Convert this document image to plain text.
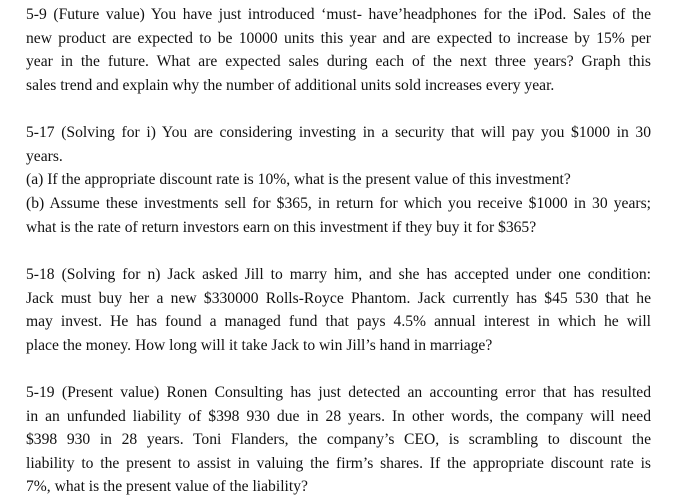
5-9 (Future value) You have just introduced ‘must- have’headphones for the iPod. Sales of the
new product are expected to be 10000 units this year and are expected to increase by 15% per
year in the future. What are expected sales during each of the next three years? Graph this
sales trend and explain why the number of additional units sold increases every year.
5-17 (Solving for i) You are considering investing in a security that will pay you $1000 in 30
years.
(a) If the appropriate discount rate is 10%, what is the present value of this investment?
(b) Assume these investments sell for $365, in return for which you receive $1000 in 30 years;
what is the rate of return investors earn on this investment if they buy it for $365?
5-18 (Solving for n) Jack asked Jill to marry him, and she has accepted under one condition:
Jack must buy her a new $330000 Rolls-Royce Phantom. Jack currently has $45 530 that he
may invest. He has found a managed fund that pays 4.5% annual interest in which he will
place the money. How long will it take Jack to win Jill’s hand in marriage?
5-19 (Present value) Ronen Consulting has just detected an accounting error that has resulted
in an unfunded liability of $398 930 due in 28 years. In other words, the company will need
$398 930 in 28 years. Toni Flanders, the company’s CEO, is scrambling to discount the
liability to the present to assist in valuing the firm’s shares. If the appropriate discount rate is
7%, what is the present value of the liability?
